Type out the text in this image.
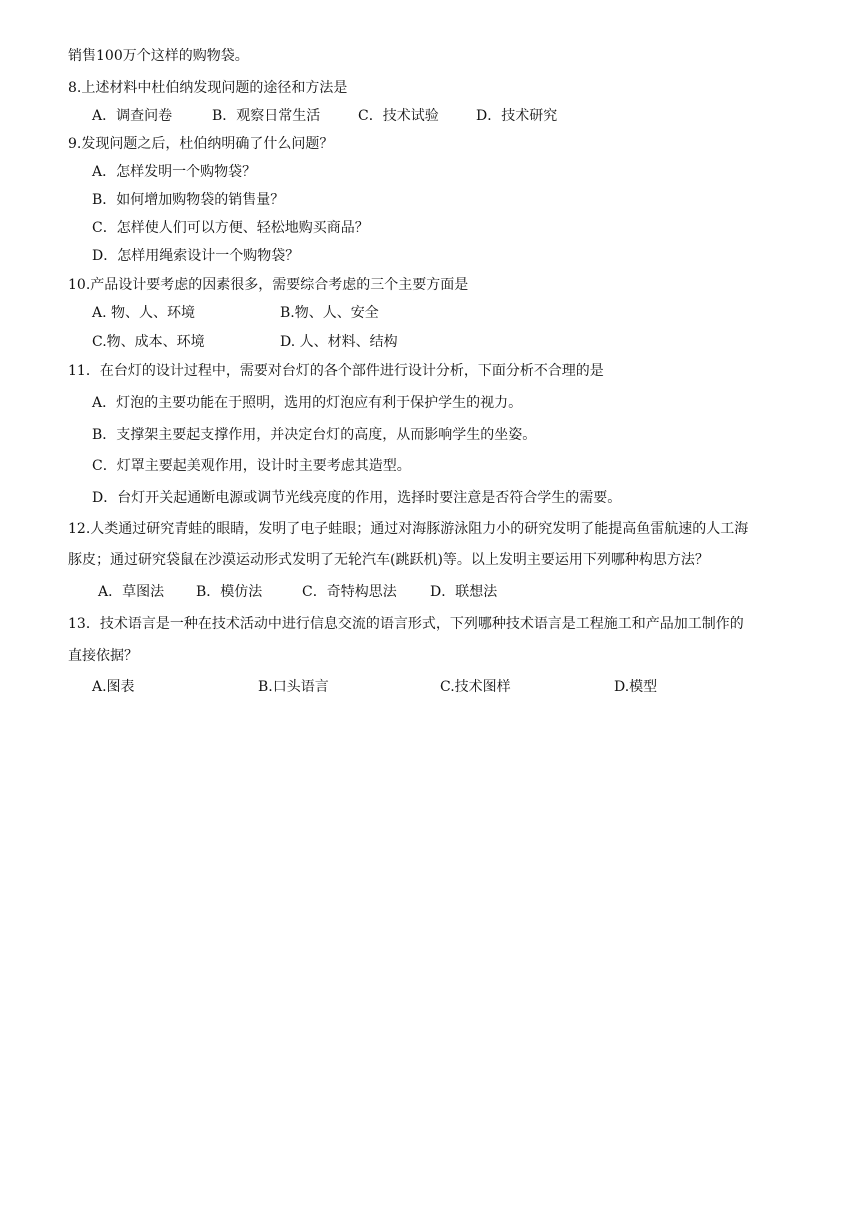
销售100万个这样的购物袋。
8.上述材料中杜伯纳发现问题的途径和方法是
A．调查问卷	B．观察日常生活	C．技术试验	D．技术研究
9.发现问题之后，杜伯纳明确了什么问题？
A．怎样发明一个购物袋？
B．如何增加购物袋的销售量？
C．怎样使人们可以方便、轻松地购买商品？
D．怎样用绳索设计一个购物袋？
10.产品设计要考虑的因素很多，需要综合考虑的三个主要方面是
A. 物、人、环境	B.物、人、安全
C.物、成本、环境	D. 人、材料、结构
11．在台灯的设计过程中，需要对台灯的各个部件进行设计分析，下面分析不合理的是
A．灯泡的主要功能在于照明，选用的灯泡应有利于保护学生的视力。
B．支撑架主要起支撑作用，并决定台灯的高度，从而影响学生的坐姿。
C．灯罩主要起美观作用，设计时主要考虑其造型。
D．台灯开关起通断电源或调节光线亮度的作用，选择时要注意是否符合学生的需要。
12.人类通过研究青蛙的眼睛，发明了电子蛙眼；通过对海豚游泳阻力小的研究发明了能提高鱼雷航速的人工海
豚皮；通过研究袋鼠在沙漠运动形式发明了无轮汽车(跳跃机)等。以上发明主要运用下列哪种构思方法？
A．草图法 B．模仿法	C．奇特构思法 D．联想法
13．技术语言是一种在技术活动中进行信息交流的语言形式，下列哪种技术语言是工程施工和产品加工制作的
直接依据？
A.图表	B.口头语言	C.技术图样	D.模型
